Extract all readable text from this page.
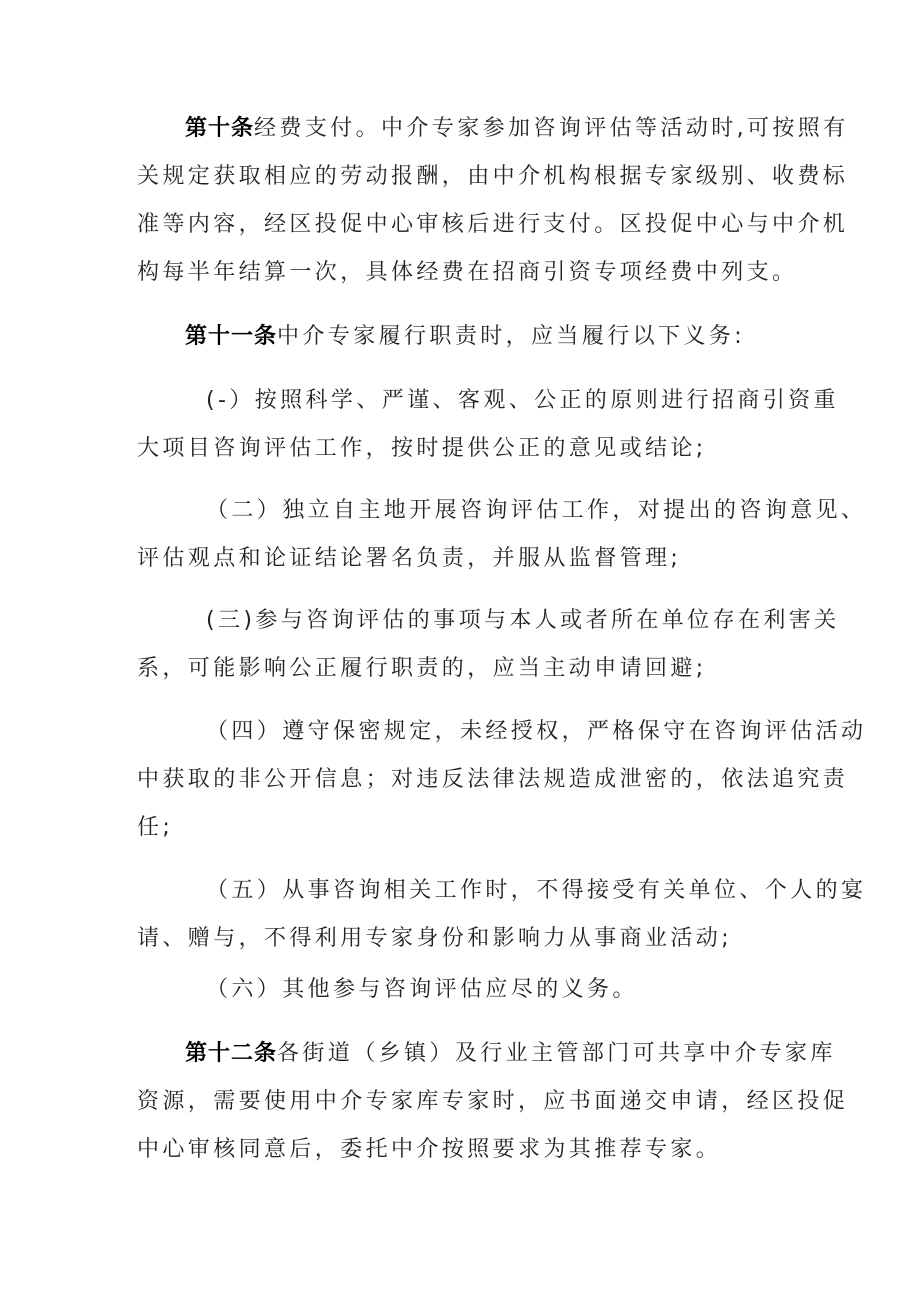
第十条经费支付。中介专家参加咨询评估等活动时,可按照有
关规定获取相应的劳动报酬，由中介机构根据专家级别、收费标
准等内容，经区投促中心审核后进行支付。区投促中心与中介机
构每半年结算一次，具体经费在招商引资专项经费中列支。
第十一条中介专家履行职责时，应当履行以下义务:
(-）按照科学、严谨、客观、公正的原则进行招商引资重
大项目咨询评估工作，按时提供公正的意见或结论;
（二）独立自主地开展咨询评估工作，对提出的咨询意见、
评估观点和论证结论署名负责，并服从监督管理;
(三)参与咨询评估的事项与本人或者所在单位存在利害关
系，可能影响公正履行职责的，应当主动申请回避;
（四）遵守保密规定，未经授权，严格保守在咨询评估活动
中获取的非公开信息；对违反法律法规造成泄密的，依法追究责
任;
（五）从事咨询相关工作时，不得接受有关单位、个人的宴
请、赠与，不得利用专家身份和影响力从事商业活动;
（六）其他参与咨询评估应尽的义务。
第十二条各街道（乡镇）及行业主管部门可共享中介专家库
资源，需要使用中介专家库专家时，应书面递交申请，经区投促
中心审核同意后，委托中介按照要求为其推荐专家。
